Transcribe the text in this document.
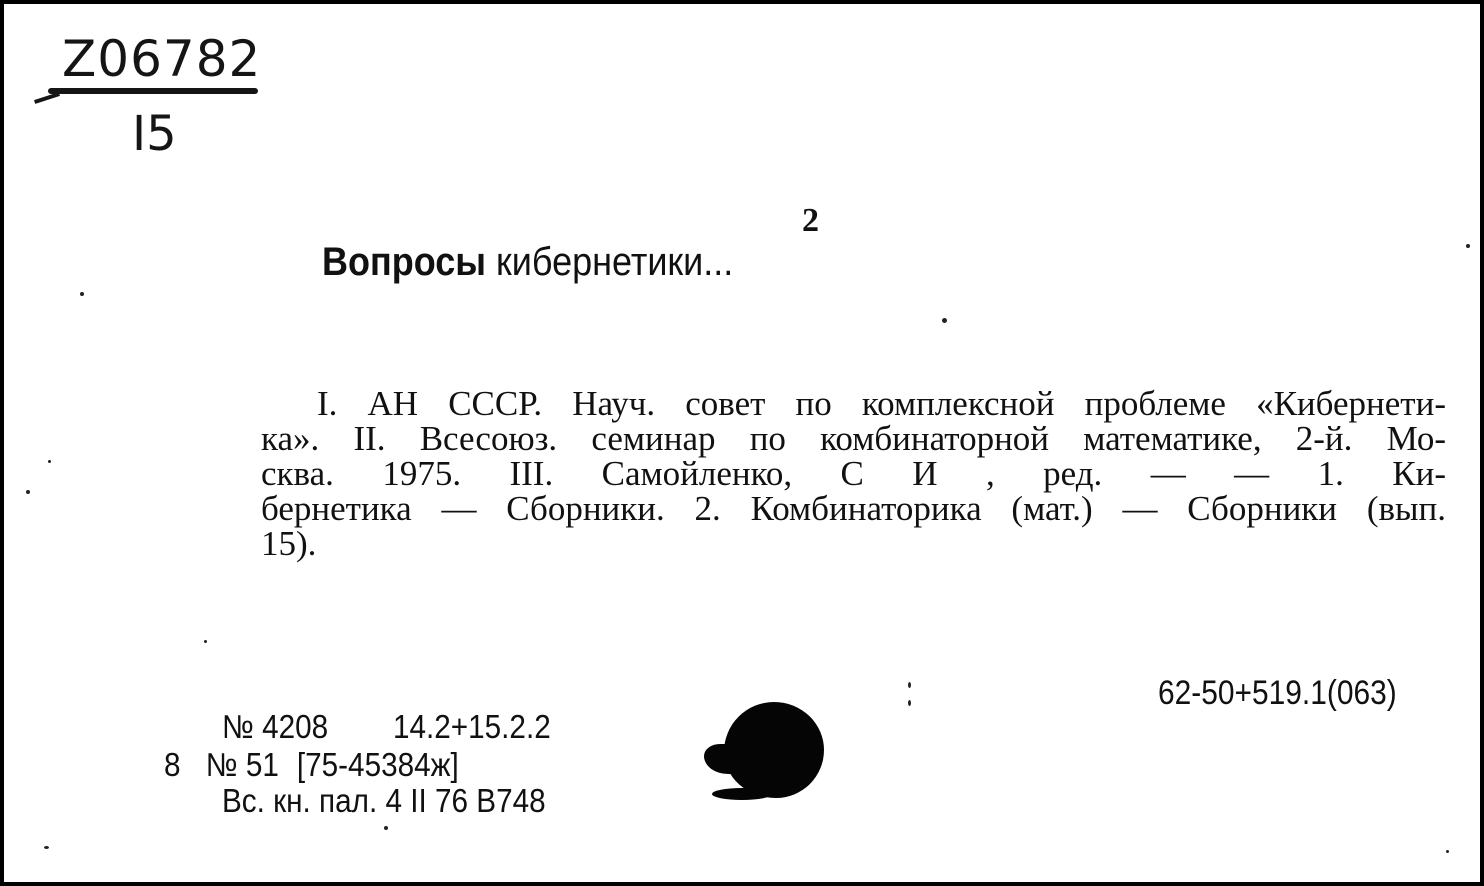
Z06782
I5
2
Вопросы кибернетики...
I. АН СССР. Науч. совет по комплексной проблеме «Кибернети-
ка». II. Всесоюз. семинар по комбинаторной математике, 2-й. Мо-
сква. 1975. III. Самойленко, С И , ред. — — 1. Ки-
бернетика — Сборники. 2. Комбинаторика (мат.) — Сборники (вып.
15).
62-50+519.1(063)
№ 4208 14.2+15.2.2
8 № 51 [75-45384ж]
Вс. кн. пал. 4 II 76 В748
